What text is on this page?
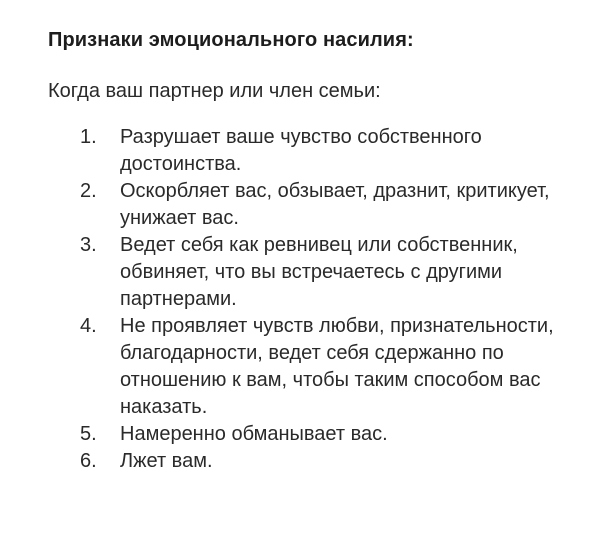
Признаки эмоционального насилия:
Когда ваш партнер или член семьи:
1.	Разрушает ваше чувство собственного достоинства.
2.	Оскорбляет вас, обзывает, дразнит, критикует, унижает вас.
3.	Ведет себя как ревнивец или собственник, обвиняет, что вы встречаетесь с другими партнерами.
4.	Не проявляет чувств любви, признательности, благодарности, ведет себя сдержанно по отношению к вам, чтобы таким способом вас наказать.
5.	Намеренно обманывает вас.
6.	Лжет вам.
